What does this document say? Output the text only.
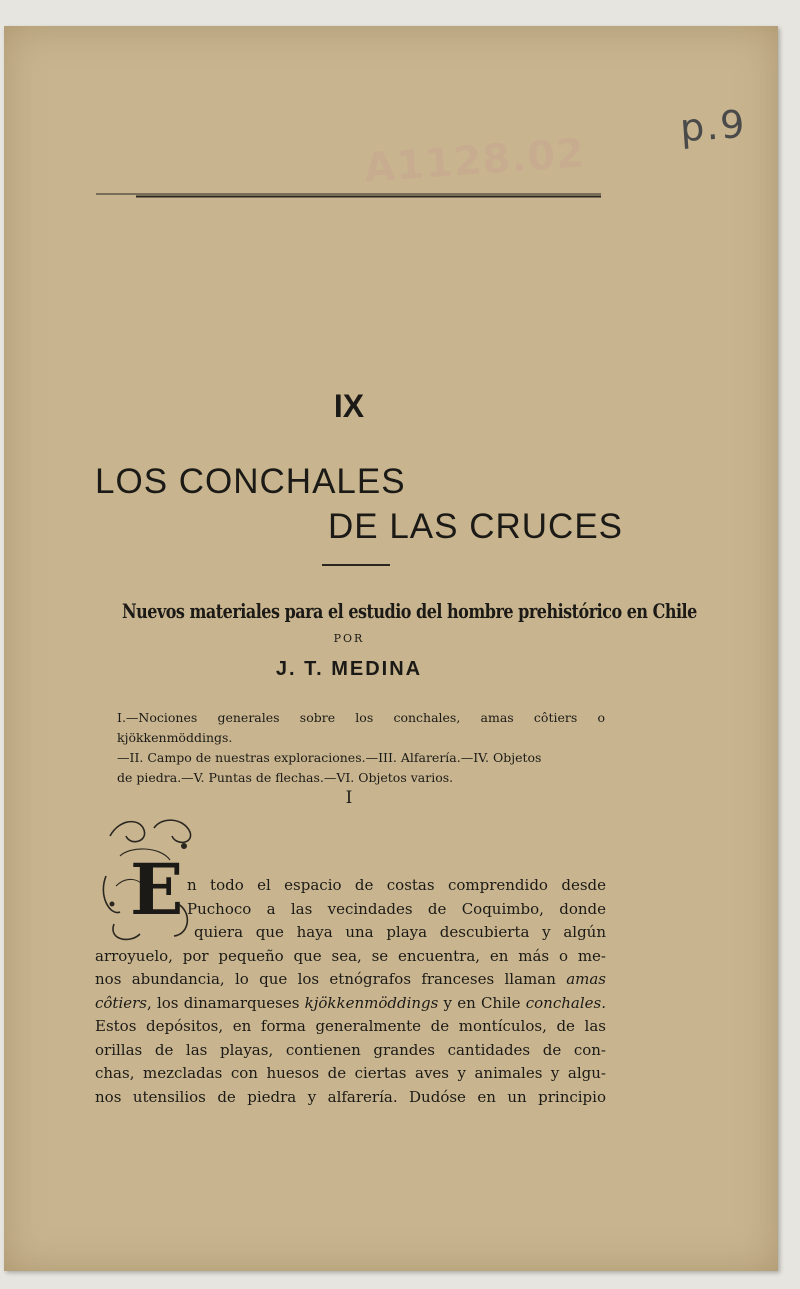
p.9
A1128.02
IX
LOS CONCHALES
DE LAS CRUCES
Nuevos materiales para el estudio del hombre prehistórico en Chile
POR
J. T. MEDINA

I.—Nociones generales sobre los conchales, amas côtiers o kjökkenmöddings.

—II. Campo de nuestras exploraciones.—III. Alfarería.—IV. Objetos

de piedra.—V. Puntas de flechas.—VI. Objetos varios.

I
E n todo el espacio de costas comprendido desde
Puchoco a las vecindades de Coquimbo, donde
quiera que haya una playa descubierta y algún
arroyuelo, por pequeño que sea, se encuentra, en más o me-
nos abundancia, lo que los etnógrafos franceses llaman amas
côtiers, los dinamarqueses kjökkenmöddings y en Chile conchales.
Estos depósitos, en forma generalmente de montículos, de las
orillas de las playas, contienen grandes cantidades de con-
chas, mezcladas con huesos de ciertas aves y animales y algu-
nos utensilios de piedra y alfarería. Dudóse en un principio
